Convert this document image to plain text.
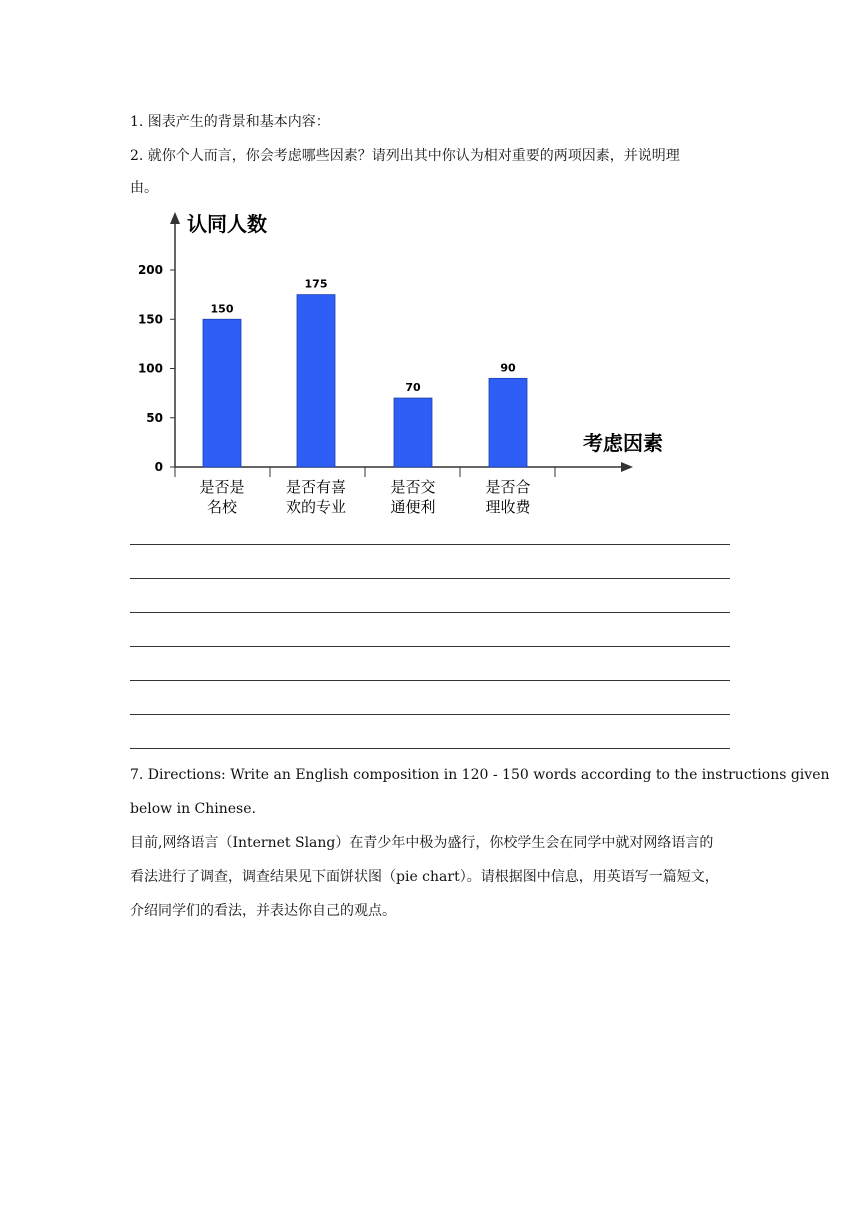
1. 图表产生的背景和基本内容：
2. 就你个人而言，你会考虑哪些因素？请列出其中你认为相对重要的两项因素，并说明理
由。
认同人数
考虑因素
0
50
100
150
200
150
175
70
90
是否是
名校
是否有喜
欢的专业
是否交
通便利
是否合
理收费
7. Directions: Write an English composition in 120 - 150 words according to the instructions given
below in Chinese.
目前,网络语言（Internet Slang）在青少年中极为盛行，你校学生会在同学中就对网络语言的
看法进行了调查，调查结果见下面饼状图（pie chart）。请根据图中信息，用英语写一篇短文，
介绍同学们的看法，并表达你自己的观点。
